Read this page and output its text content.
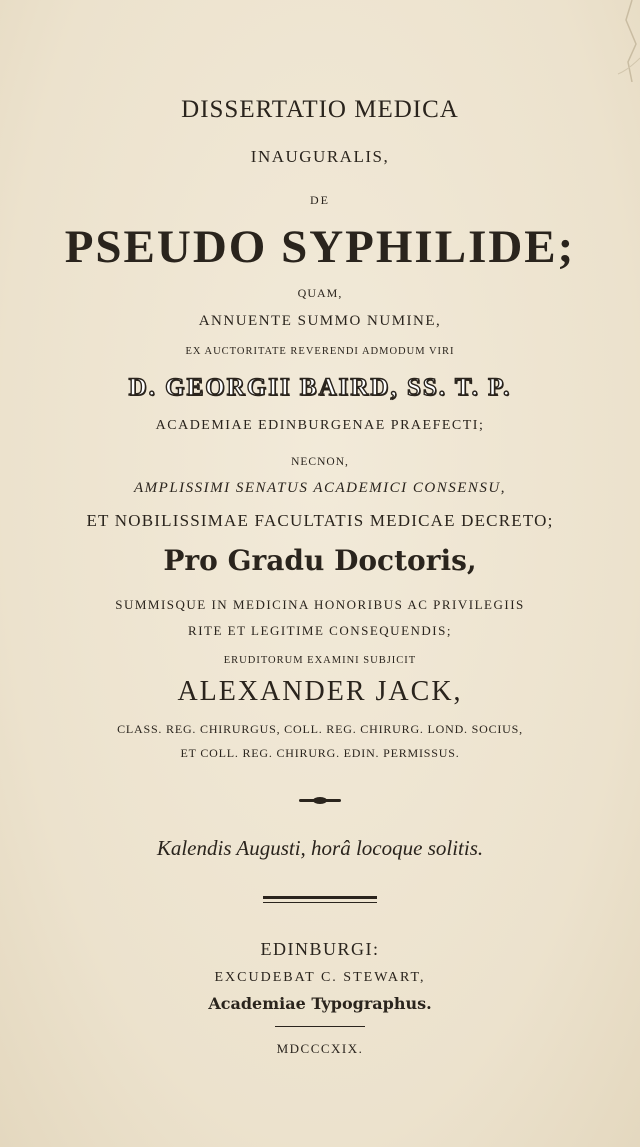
DISSERTATIO MEDICA
INAUGURALIS,
DE
PSEUDO SYPHILIDE;
QUAM,
ANNUENTE SUMMO NUMINE,
EX AUCTORITATE REVERENDI ADMODUM VIRI
D. GEORGII BAIRD, SS. T. P.
ACADEMIAE EDINBURGENAE PRAEFECTI;
NECNON,
AMPLISSIMI SENATUS ACADEMICI CONSENSU,
ET NOBILISSIMAE FACULTATIS MEDICAE DECRETO;
Pro Gradu Doctoris,
SUMMISQUE IN MEDICINA HONORIBUS AC PRIVILEGIIS
RITE ET LEGITIME CONSEQUENDIS;
ERUDITORUM EXAMINI SUBJICIT
ALEXANDER JACK,
CLASS. REG. CHIRURGUS, COLL. REG. CHIRURG. LOND. SOCIUS,
ET COLL. REG. CHIRURG. EDIN. PERMISSUS.
Kalendis Augusti, horâ locoque solitis.
EDINBURGI:
EXCUDEBAT C. STEWART,
Academiae Typographus.
MDCCCXIX.
